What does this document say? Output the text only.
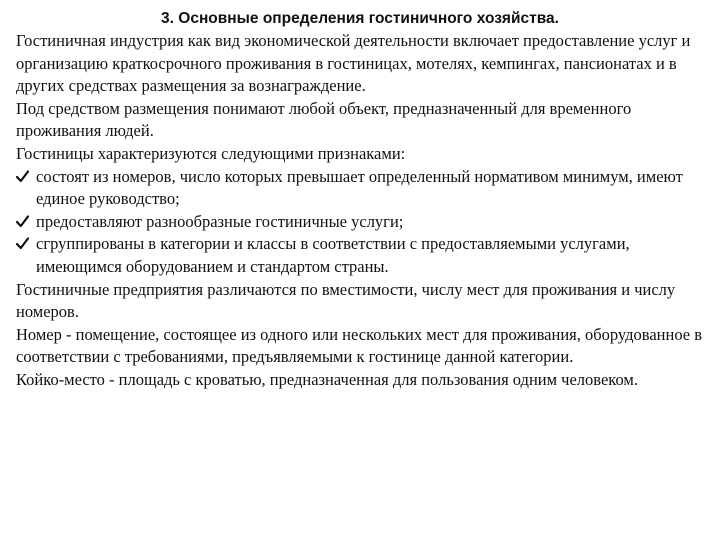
3. Основные определения гостиничного хозяйства.

Гостиничная индустрия как вид экономической деятельности включает предоставление услуг и организацию краткосрочного проживания в гостиницах, мотелях, кемпингах, пансионатах и в других средствах размещения за вознаграждение.

Под средством размещения понимают любой объект, предназначенный для временного проживания людей.

Гостиницы характеризуются следующими признаками:

состоят из номеров, число которых превышает определенный нормативом минимум, имеют единое руководство;
предоставляют разнообразные гостиничные услуги;
сгруппированы в категории и классы в соответствии с предоставляемыми услугами, имеющимся оборудованием и стандартом страны.

Гостиничные предприятия различаются по вместимости, числу мест для проживания и числу номеров.

Номер - помещение, состоящее из одного или нескольких мест для проживания, оборудованное в соответствии с требованиями, предъявляемыми к гостинице данной категории.

Койко-место - площадь с кроватью, предназначенная для пользования одним человеком.
